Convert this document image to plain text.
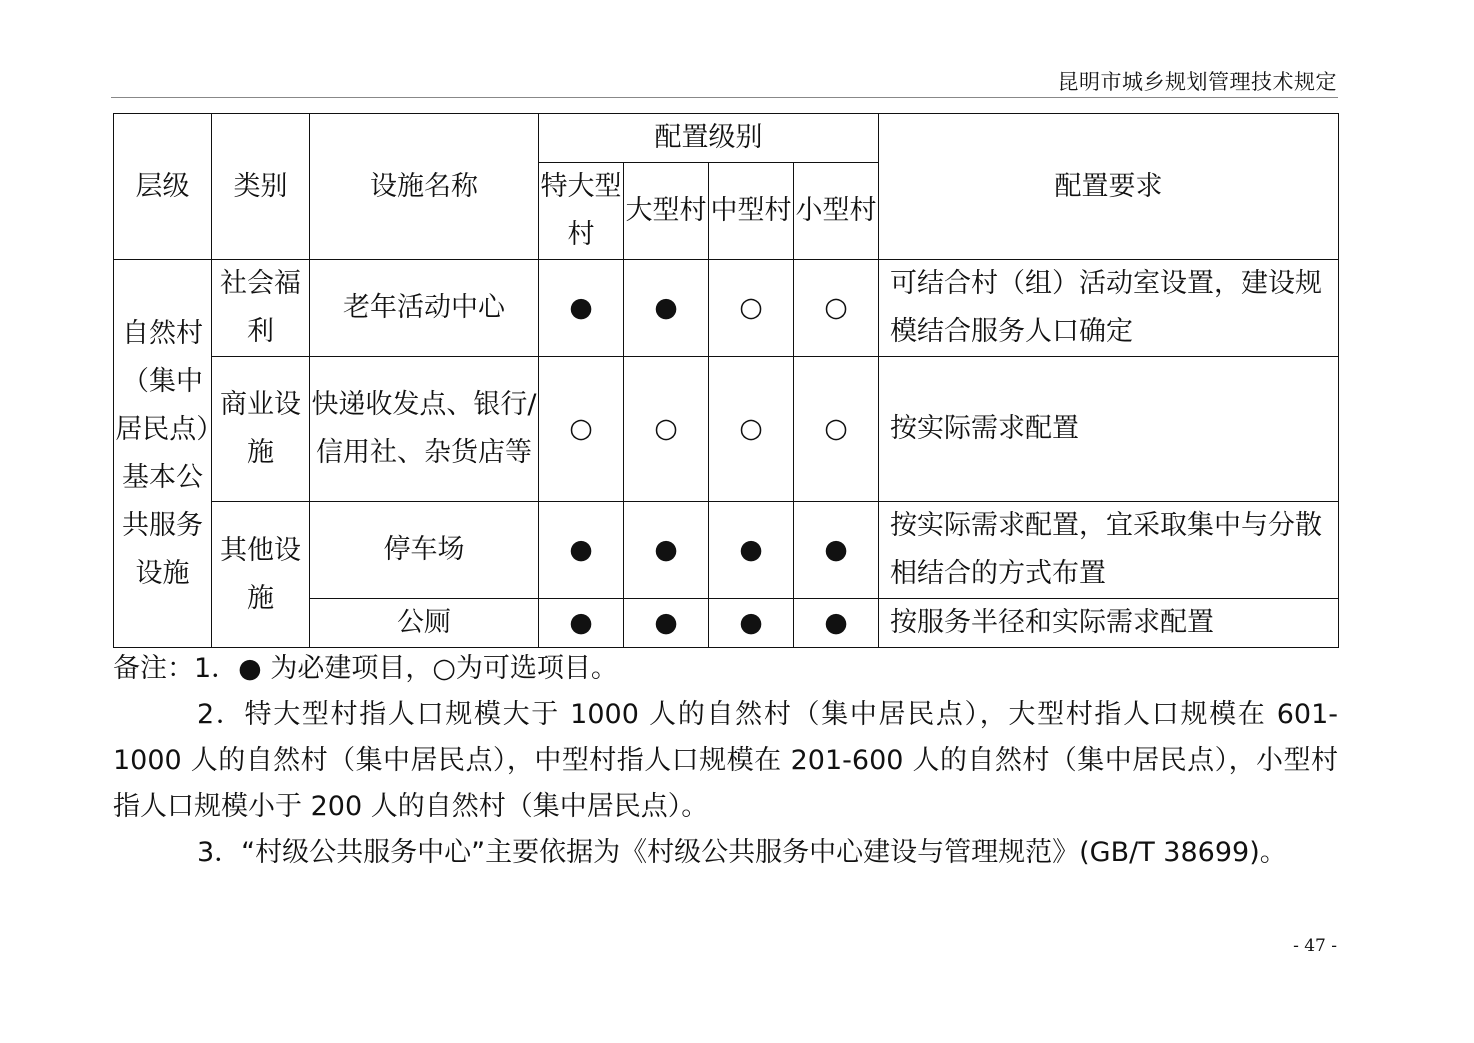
昆明市城乡规划管理技术规定
层级	类别	设施名称	配置级别				配置要求
			特大型村	大型村	中型村	小型村	
自然村（集中居民点）基本公共服务设施	社会福利	老年活动中心	●	●	○	○	可结合村（组）活动室设置，建设规模结合服务人口确定
	商业设施	快递收发点、银行/信用社、杂货店等	○	○	○	○	按实际需求配置
	其他设施	停车场	●	●	●	●	按实际需求配置，宜采取集中与分散相结合的方式布置
		公厕	●	●	●	●	按服务半径和实际需求配置

备注：1．● 为必建项目，○为可选项目。

2．特大型村指人口规模大于 1000 人的自然村（集中居民点），大型村指人口规模在 601-1000 人的自然村（集中居民点），中型村指人口规模在 201-600 人的自然村（集中居民点），小型村指人口规模小于 200 人的自然村（集中居民点）。

3．“村级公共服务中心”主要依据为《村级公共服务中心建设与管理规范》(GB/T 38699)。

- 47 -
